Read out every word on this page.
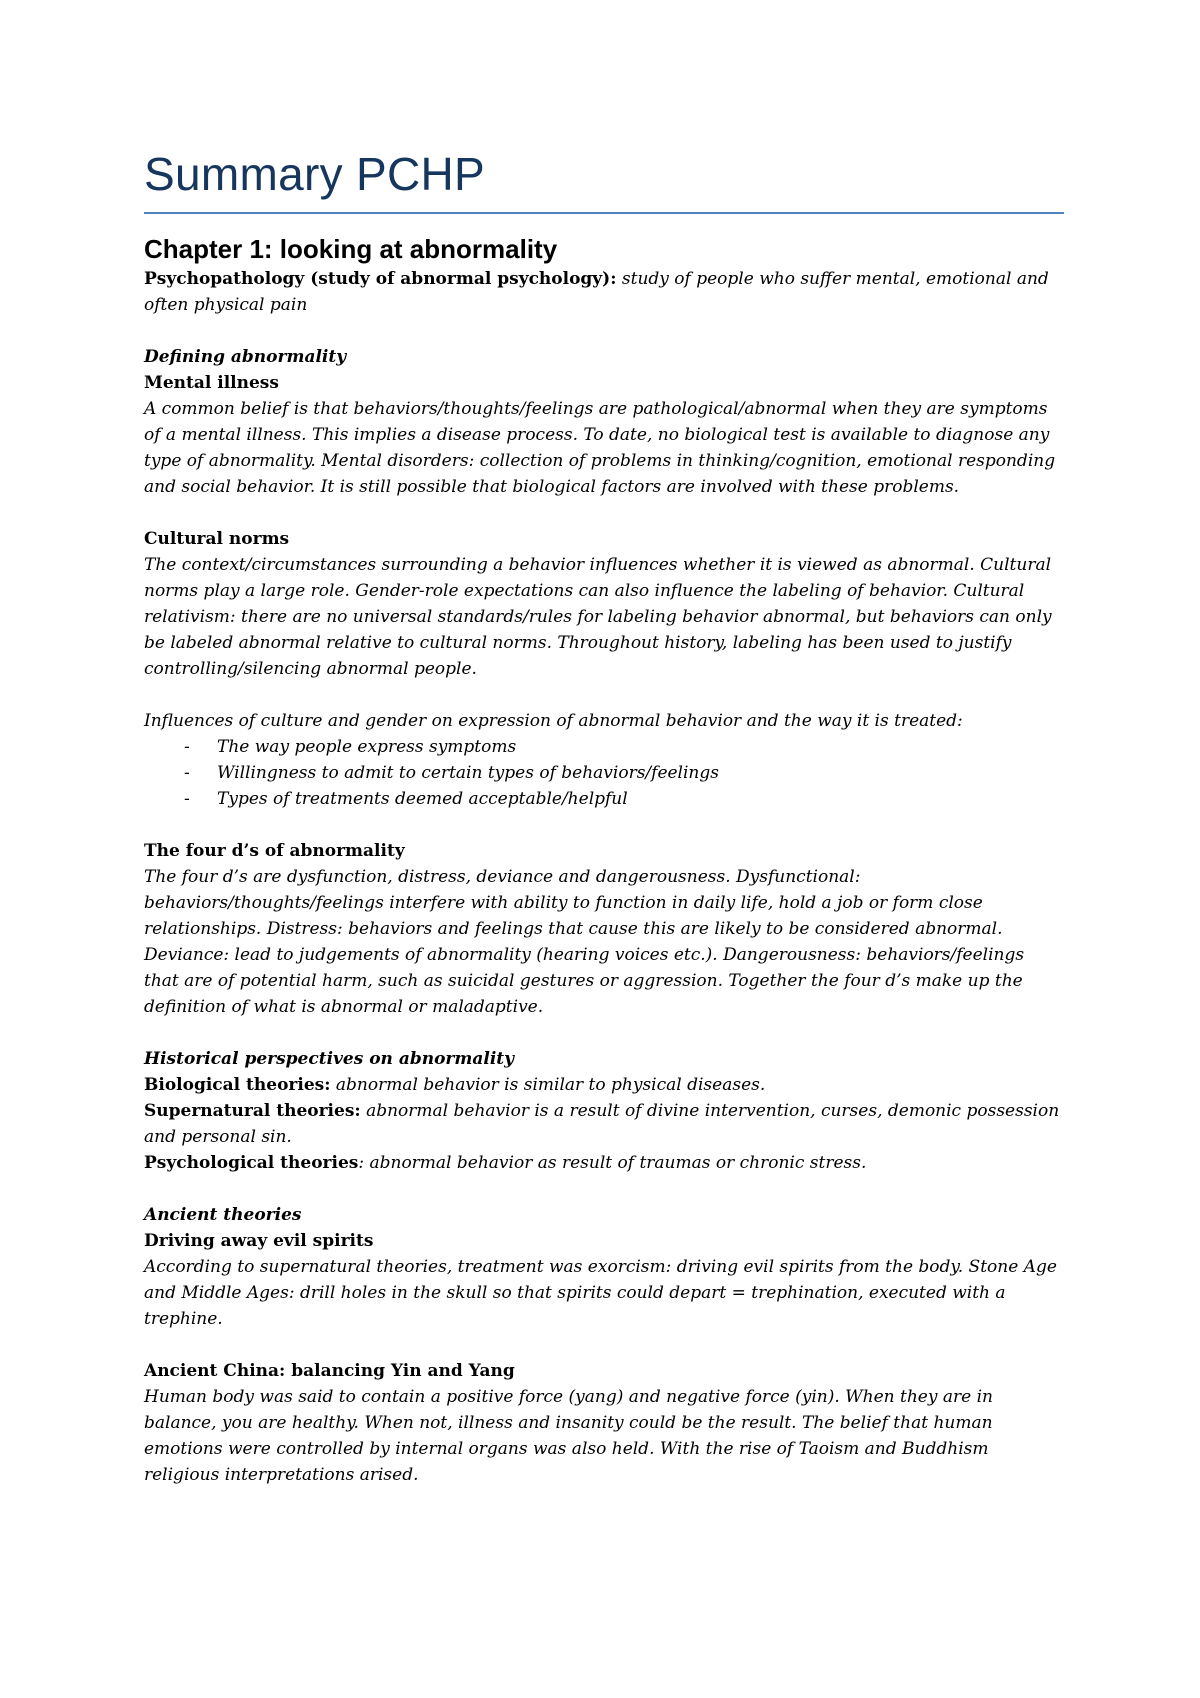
Summary PCHP
Chapter 1: looking at abnormality

Psychopathology (study of abnormal psychology): study of people who suffer mental, emotional and often physical pain

Defining abnormality

Mental illness

A common belief is that behaviors/thoughts/feelings are pathological/abnormal when they are symptoms of a mental illness. This implies a disease process. To date, no biological test is available to diagnose any type of abnormality. Mental disorders: collection of problems in thinking/cognition, emotional responding and social behavior. It is still possible that biological factors are involved with these problems.

Cultural norms

The context/circumstances surrounding a behavior influences whether it is viewed as abnormal. Cultural norms play a large role. Gender-role expectations can also influence the labeling of behavior. Cultural relativism: there are no universal standards/rules for labeling behavior abnormal, but behaviors can only be labeled abnormal relative to cultural norms. Throughout history, labeling has been used to justify controlling/silencing abnormal people.

Influences of culture and gender on expression of abnormal behavior and the way it is treated:

- The way people express symptoms
- Willingness to admit to certain types of behaviors/feelings
- Types of treatments deemed acceptable/helpful

The four d’s of abnormality

The four d’s are dysfunction, distress, deviance and dangerousness. Dysfunctional: behaviors/thoughts/feelings interfere with ability to function in daily life, hold a job or form close relationships. Distress: behaviors and feelings that cause this are likely to be considered abnormal. Deviance: lead to judgements of abnormality (hearing voices etc.). Dangerousness: behaviors/feelings that are of potential harm, such as suicidal gestures or aggression. Together the four d’s make up the definition of what is abnormal or maladaptive.

Historical perspectives on abnormality

Biological theories: abnormal behavior is similar to physical diseases.

Supernatural theories: abnormal behavior is a result of divine intervention, curses, demonic possession and personal sin.

Psychological theories: abnormal behavior as result of traumas or chronic stress.

Ancient theories

Driving away evil spirits

According to supernatural theories, treatment was exorcism: driving evil spirits from the body. Stone Age and Middle Ages: drill holes in the skull so that spirits could depart = trephination, executed with a trephine.

Ancient China: balancing Yin and Yang

Human body was said to contain a positive force (yang) and negative force (yin). When they are in balance, you are healthy. When not, illness and insanity could be the result. The belief that human emotions were controlled by internal organs was also held. With the rise of Taoism and Buddhism religious interpretations arised.
